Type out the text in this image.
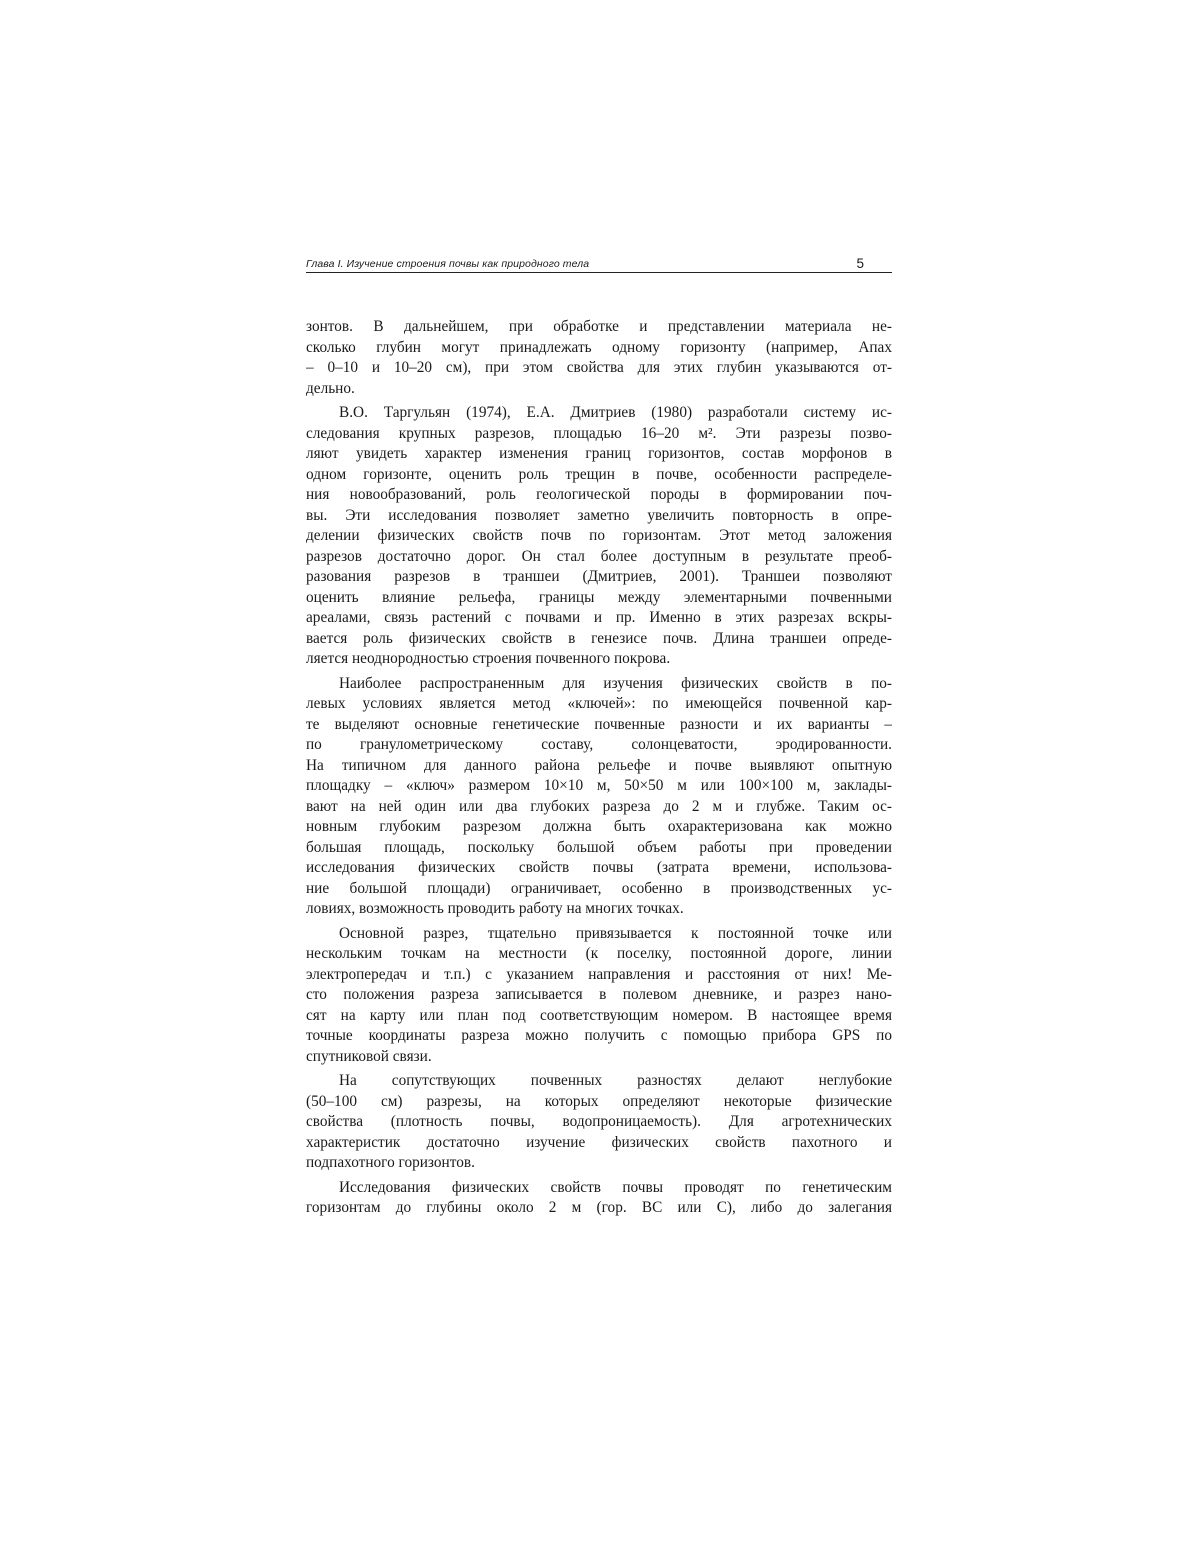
Глава I. Изучение строения почвы как природного тела	5
зонтов. В дальнейшем, при обработке и представлении материала не-
сколько глубин могут принадлежать одному горизонту (например, Апах
– 0–10 и 10–20 см), при этом свойства для этих глубин указываются от-
дельно.
В.О. Таргульян (1974), Е.А. Дмитриев (1980) разработали систему ис-
следования крупных разрезов, площадью 16–20 м². Эти разрезы позво-
ляют увидеть характер изменения границ горизонтов, состав морфонов в
одном горизонте, оценить роль трещин в почве, особенности распределе-
ния новообразований, роль геологической породы в формировании поч-
вы. Эти исследования позволяет заметно увеличить повторность в опре-
делении физических свойств почв по горизонтам. Этот метод заложения
разрезов достаточно дорог. Он стал более доступным в результате преоб-
разования разрезов в траншеи (Дмитриев, 2001). Траншеи позволяют
оценить влияние рельефа, границы между элементарными почвенными
ареалами, связь растений с почвами и пр. Именно в этих разрезах вскры-
вается роль физических свойств в генезисе почв. Длина траншеи опреде-
ляется неоднородностью строения почвенного покрова.
Наиболее распространенным для изучения физических свойств в по-
левых условиях является метод «ключей»: по имеющейся почвенной кар-
те выделяют основные генетические почвенные разности и их варианты –
по гранулометрическому составу, солонцеватости, эродированности.
На типичном для данного района рельефе и почве выявляют опытную
площадку – «ключ» размером 10×10 м, 50×50 м или 100×100 м, заклады-
вают на ней один или два глубоких разреза до 2 м и глубже. Таким ос-
новным глубоким разрезом должна быть охарактеризована как можно
большая площадь, поскольку большой объем работы при проведении
исследования физических свойств почвы (затрата времени, использова-
ние большой площади) ограничивает, особенно в производственных ус-
ловиях, возможность проводить работу на многих точках.
Основной разрез, тщательно привязывается к постоянной точке или
нескольким точкам на местности (к поселку, постоянной дороге, линии
электропередач и т.п.) с указанием направления и расстояния от них! Ме-
сто положения разреза записывается в полевом дневнике, и разрез нано-
сят на карту или план под соответствующим номером. В настоящее время
точные координаты разреза можно получить с помощью прибора GPS по
спутниковой связи.
На сопутствующих почвенных разностях делают неглубокие
(50–100 см) разрезы, на которых определяют некоторые физические
свойства (плотность почвы, водопроницаемость). Для агротехнических
характеристик достаточно изучение физических свойств пахотного и
подпахотного горизонтов.
Исследования физических свойств почвы проводят по генетическим
горизонтам до глубины около 2 м (гор. ВС или С), либо до залегания
